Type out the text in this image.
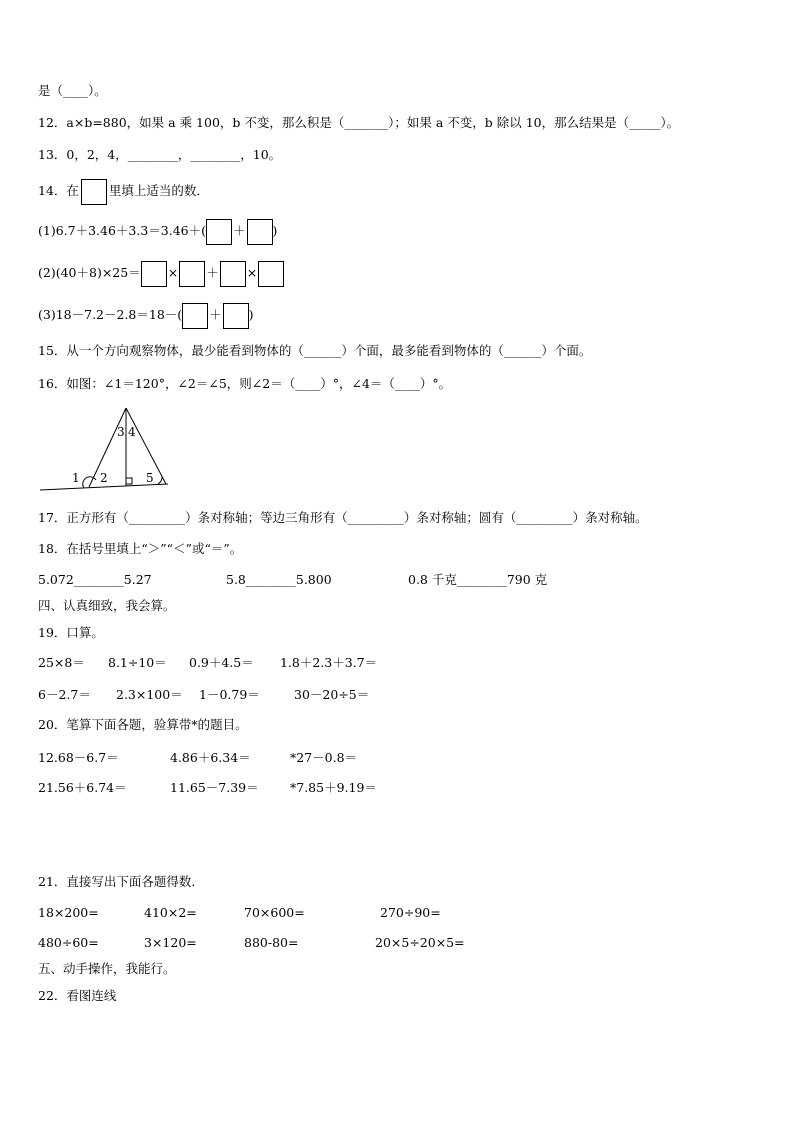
是（____）。
12．a×b=880，如果 a 乘 100，b 不变，那么积是（_______）；如果 a 不变，b 除以 10，那么结果是（_____）。
13．0，2，4，________，________，10。
14．在 里填上适当的数．
(1)6.7＋3.46＋3.3＝3.46＋( ＋ )
(2)(40＋8)×25＝ × ＋ ×
(3)18－7.2－2.8＝18－( ＋ )
15．从一个方向观察物体，最少能看到物体的（______）个面，最多能看到物体的（______）个面。
16．如图：∠1＝120°，∠2＝∠5，则∠2＝（____）°，∠4＝（____）°。
1 2
3 4
5
17．正方形有（_________）条对称轴；等边三角形有（_________）条对称轴；圆有（_________）条对称轴。
18．在括号里填上“＞”“＜”或“＝”。
5.072________5.27	5.8________5.800	0.8 千克________790 克
四、认真细致，我会算。
19．口算。
25×8＝ 8.1÷10＝ 0.9＋4.5＝ 1.8＋2.3＋3.7＝
6－2.7＝ 2.3×100＝ 1－0.79＝	30－20÷5＝
20．笔算下面各题，验算带*的题目。
12.68－6.7＝	4.86＋6.34＝	*27－0.8＝
21.56＋6.74＝	11.65－7.39＝	*7.85＋9.19＝
21．直接写出下面各题得数．
18×200=	410×2=	70×600=	270÷90=
480÷60=	3×120=	880-80=	20×5÷20×5=
五、动手操作，我能行。
22．看图连线
